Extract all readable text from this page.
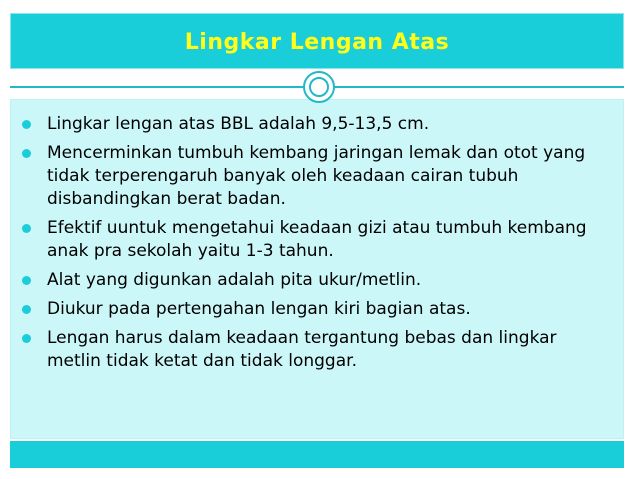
Lingkar Lengan Atas
Lingkar lengan atas BBL adalah 9,5-13,5 cm.
Mencerminkan tumbuh kembang jaringan lemak dan otot yang tidak terperengaruh banyak oleh keadaan cairan tubuh disbandingkan berat badan.
Efektif uuntuk mengetahui keadaan gizi atau tumbuh kembang anak pra sekolah yaitu 1-3 tahun.
Alat yang digunkan adalah pita ukur/metlin.
Diukur pada pertengahan lengan kiri bagian atas.
Lengan harus dalam keadaan tergantung bebas dan lingkar metlin tidak ketat dan tidak longgar.
